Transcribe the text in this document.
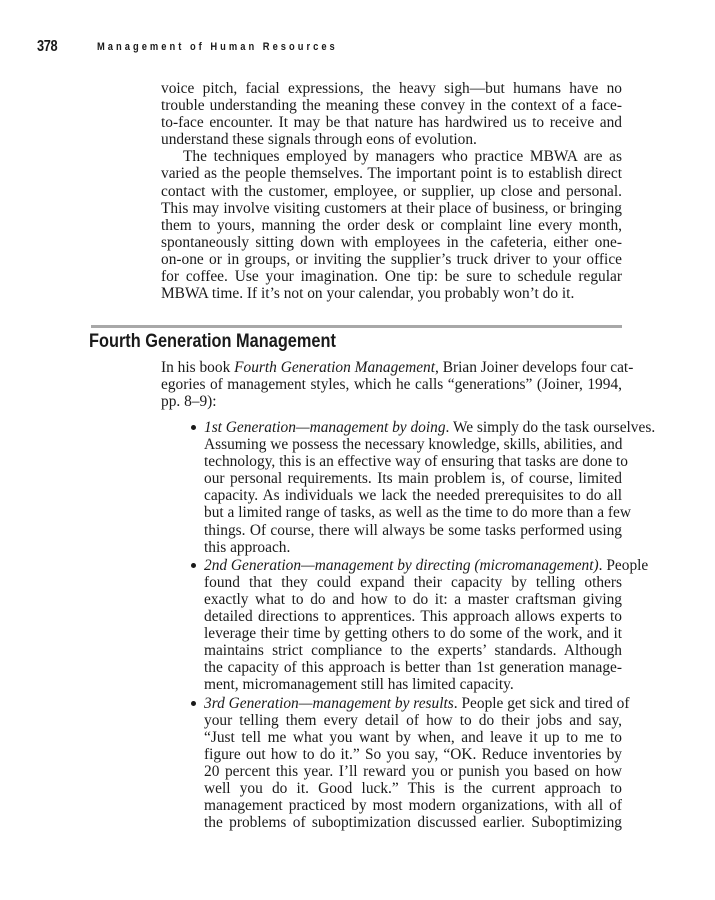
378	Management of Human Resources
voice pitch, facial expressions, the heavy sigh—but humans have no
trouble understanding the meaning these convey in the context of a face-
to-face encounter. It may be that nature has hardwired us to receive and
understand these signals through eons of evolution.
The techniques employed by managers who practice MBWA are as
varied as the people themselves. The important point is to establish direct
contact with the customer, employee, or supplier, up close and personal.
This may involve visiting customers at their place of business, or bringing
them to yours, manning the order desk or complaint line every month,
spontaneously sitting down with employees in the cafeteria, either one-
on-one or in groups, or inviting the supplier’s truck driver to your office
for coffee. Use your imagination. One tip: be sure to schedule regular
MBWA time. If it’s not on your calendar, you probably won’t do it.
Fourth Generation Management
In his book Fourth Generation Management, Brian Joiner develops four cat-
egories of management styles, which he calls “generations” (Joiner, 1994,
pp. 8–9):
1st Generation—management by doing. We simply do the task ourselves.
Assuming we possess the necessary knowledge, skills, abilities, and
technology, this is an effective way of ensuring that tasks are done to
our personal requirements. Its main problem is, of course, limited
capacity. As individuals we lack the needed prerequisites to do all
but a limited range of tasks, as well as the time to do more than a few
things. Of course, there will always be some tasks performed using
this approach.
2nd Generation—management by directing (micromanagement). People
found that they could expand their capacity by telling others
exactly what to do and how to do it: a master craftsman giving
detailed directions to apprentices. This approach allows experts to
leverage their time by getting others to do some of the work, and it
maintains strict compliance to the experts’ standards. Although
the capacity of this approach is better than 1st generation manage-
ment, micromanagement still has limited capacity.
3rd Generation—management by results. People get sick and tired of
your telling them every detail of how to do their jobs and say,
“Just tell me what you want by when, and leave it up to me to
figure out how to do it.” So you say, “OK. Reduce inventories by
20 percent this year. I’ll reward you or punish you based on how
well you do it. Good luck.” This is the current approach to
management practiced by most modern organizations, with all of
the problems of suboptimization discussed earlier. Suboptimizing
